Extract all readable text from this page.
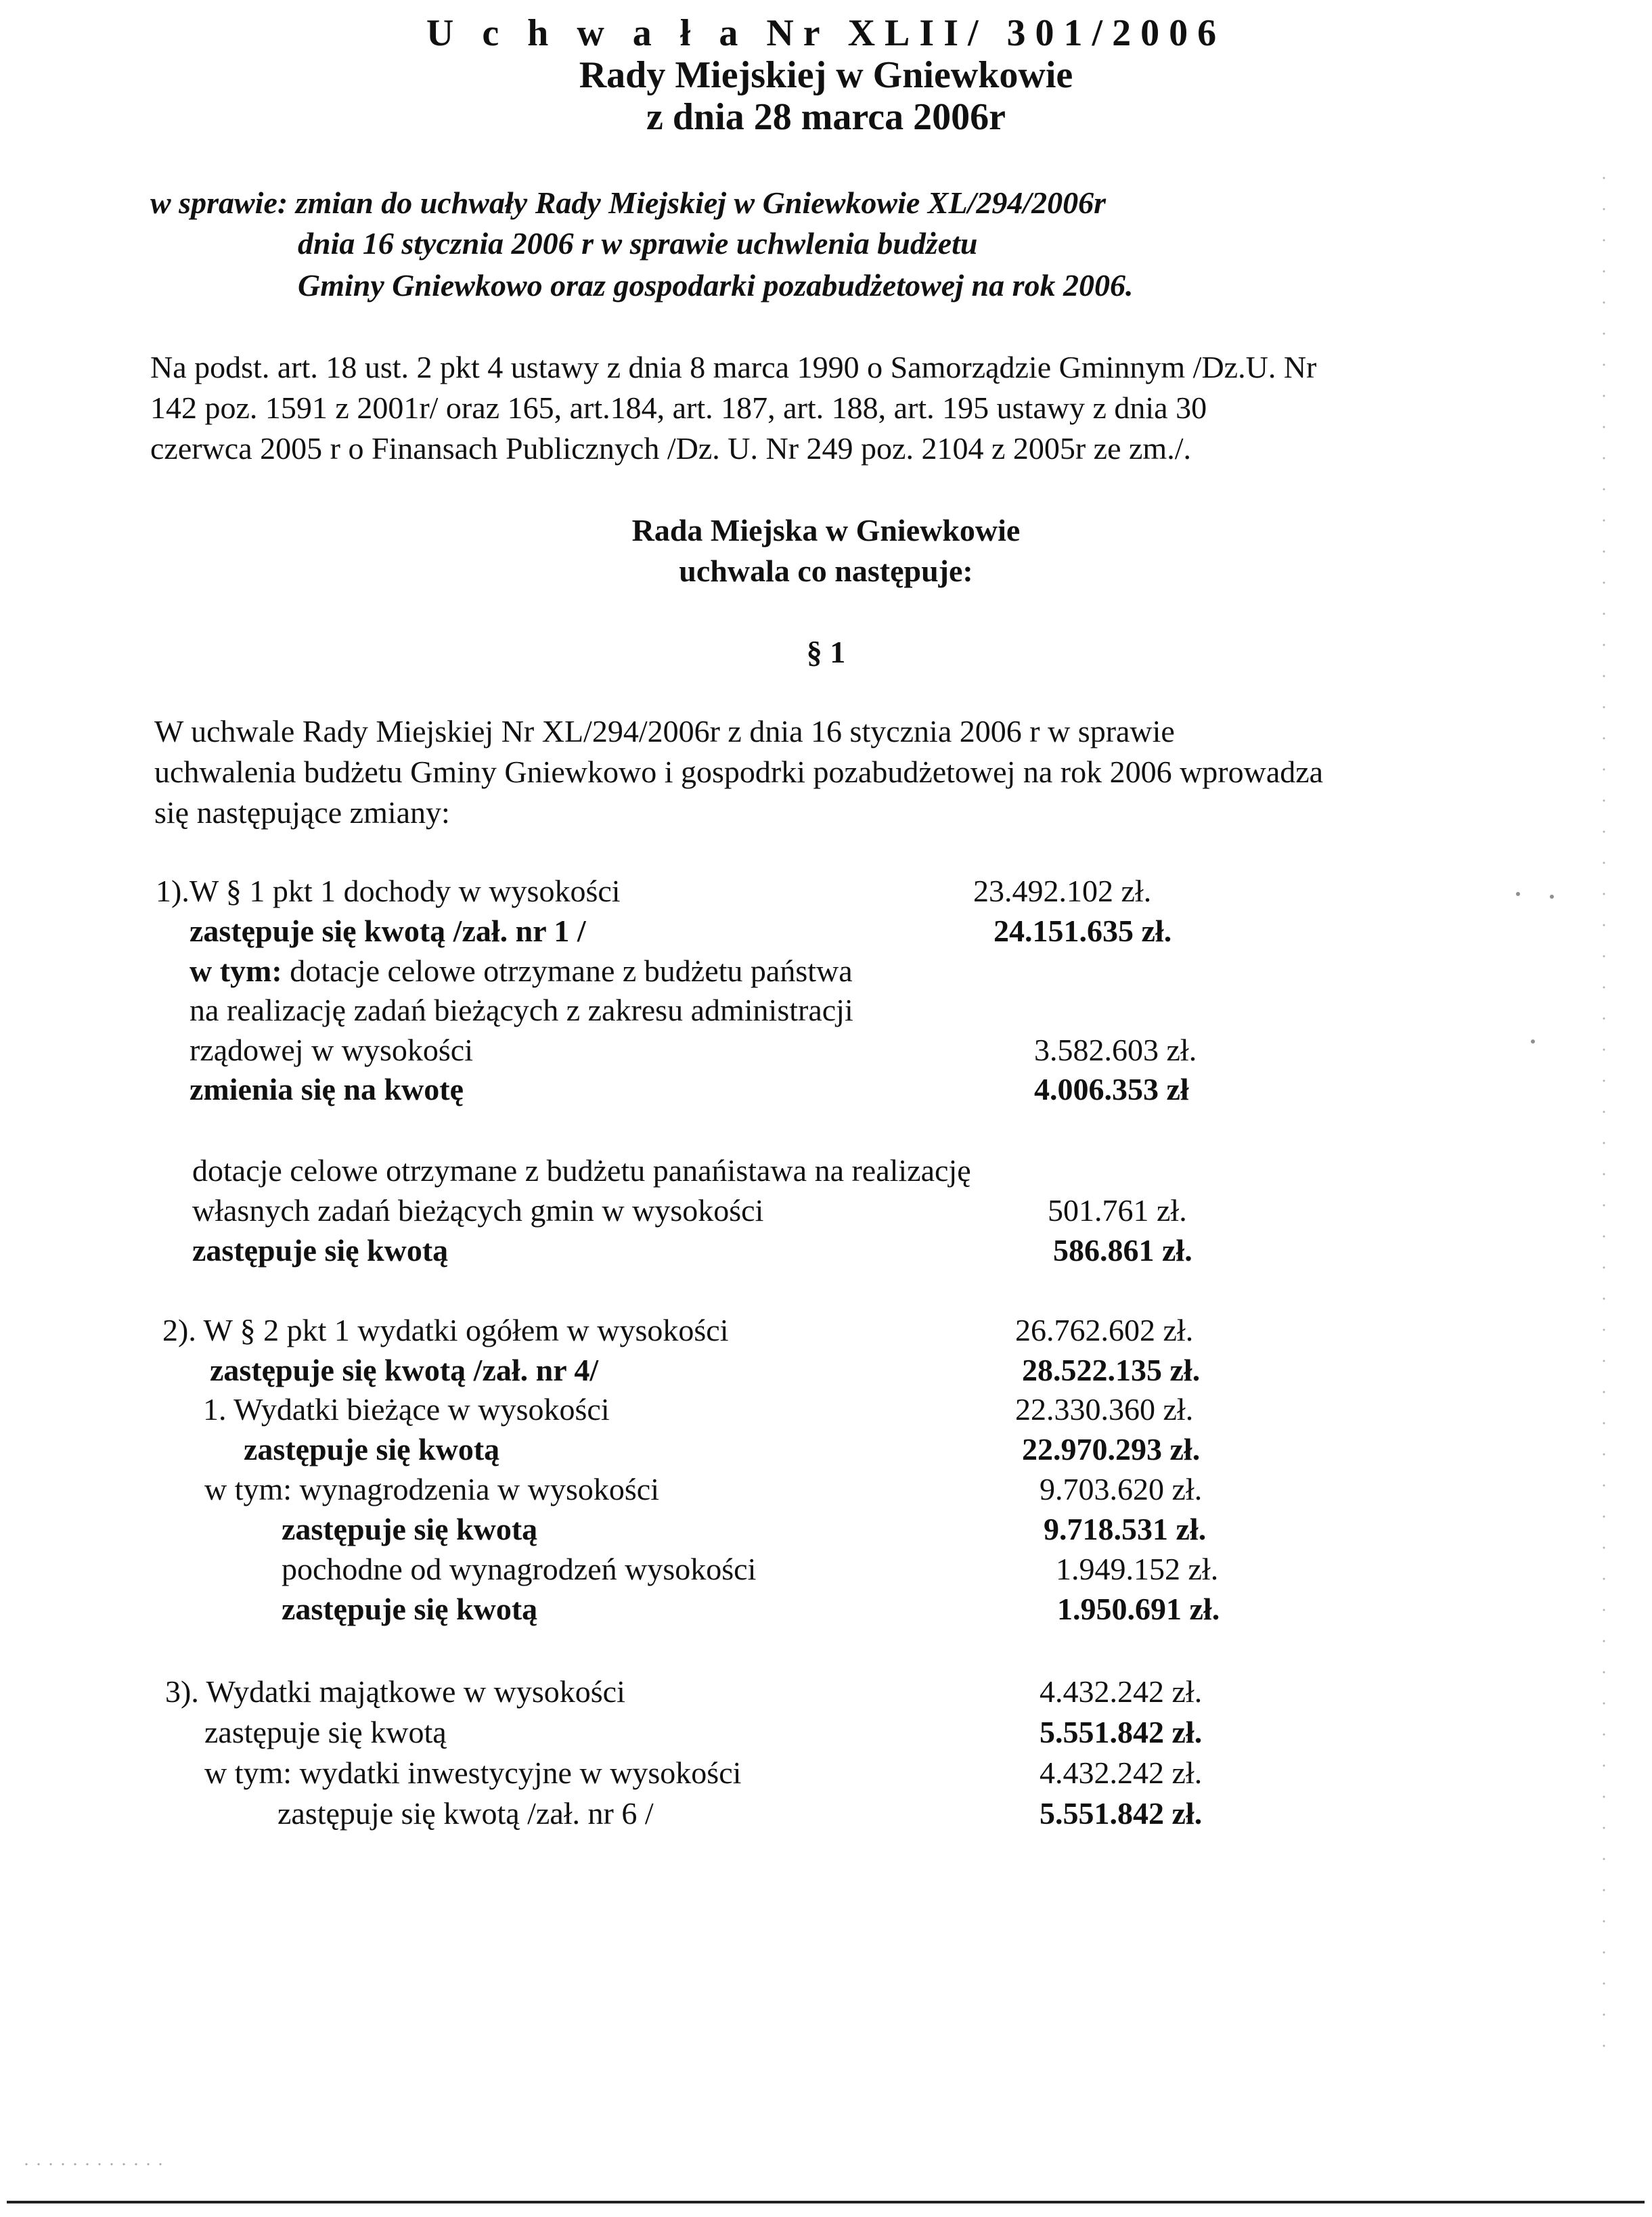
U c h w a ł a Nr XLII/ 301/2006
Rady Miejskiej w Gniewkowie
z dnia 28 marca 2006r
w sprawie: zmian do uchwały Rady Miejskiej w Gniewkowie XL/294/2006r
dnia 16 stycznia 2006 r w sprawie uchwlenia budżetu
Gminy Gniewkowo oraz gospodarki pozabudżetowej na rok 2006.
Na podst. art. 18 ust. 2 pkt 4 ustawy z dnia 8 marca 1990 o Samorządzie Gminnym /Dz.U. Nr
142 poz. 1591 z 2001r/ oraz 165, art.184, art. 187, art. 188, art. 195 ustawy z dnia 30
czerwca 2005 r o Finansach Publicznych /Dz. U. Nr 249 poz. 2104 z 2005r ze zm./.
Rada Miejska w Gniewkowie
uchwala co następuje:
§ 1
W uchwale Rady Miejskiej Nr XL/294/2006r z dnia 16 stycznia 2006 r w sprawie
uchwalenia budżetu Gminy Gniewkowo i gospodrki pozabudżetowej na rok 2006 wprowadza
się następujące zmiany:
1).W § 1 pkt 1 dochody w wysokości	23.492.102 zł.
zastępuje się kwotą /zał. nr 1 /	24.151.635 zł.
w tym: dotacje celowe otrzymane z budżetu państwa
na realizację zadań bieżących z zakresu administracji
rządowej w wysokości	3.582.603 zł.
zmienia się na kwotę	4.006.353 zł
dotacje celowe otrzymane z budżetu panańistawa na realizację
własnych zadań bieżących gmin w wysokości	501.761 zł.
zastępuje się kwotą	586.861 zł.
2). W § 2 pkt 1 wydatki ogółem w wysokości	26.762.602 zł.
zastępuje się kwotą /zał. nr 4/	28.522.135 zł.
1. Wydatki bieżące w wysokości	22.330.360 zł.
zastępuje się kwotą	22.970.293 zł.
w tym: wynagrodzenia w wysokości	9.703.620 zł.
zastępuje się kwotą	9.718.531 zł.
pochodne od wynagrodzeń wysokości	1.949.152 zł.
zastępuje się kwotą	1.950.691 zł.
3). Wydatki majątkowe w wysokości	4.432.242 zł.
zastępuje się kwotą	5.551.842 zł.
w tym: wydatki inwestycyjne w wysokości	4.432.242 zł.
zastępuje się kwotą /zał. nr 6 /	5.551.842 zł.
